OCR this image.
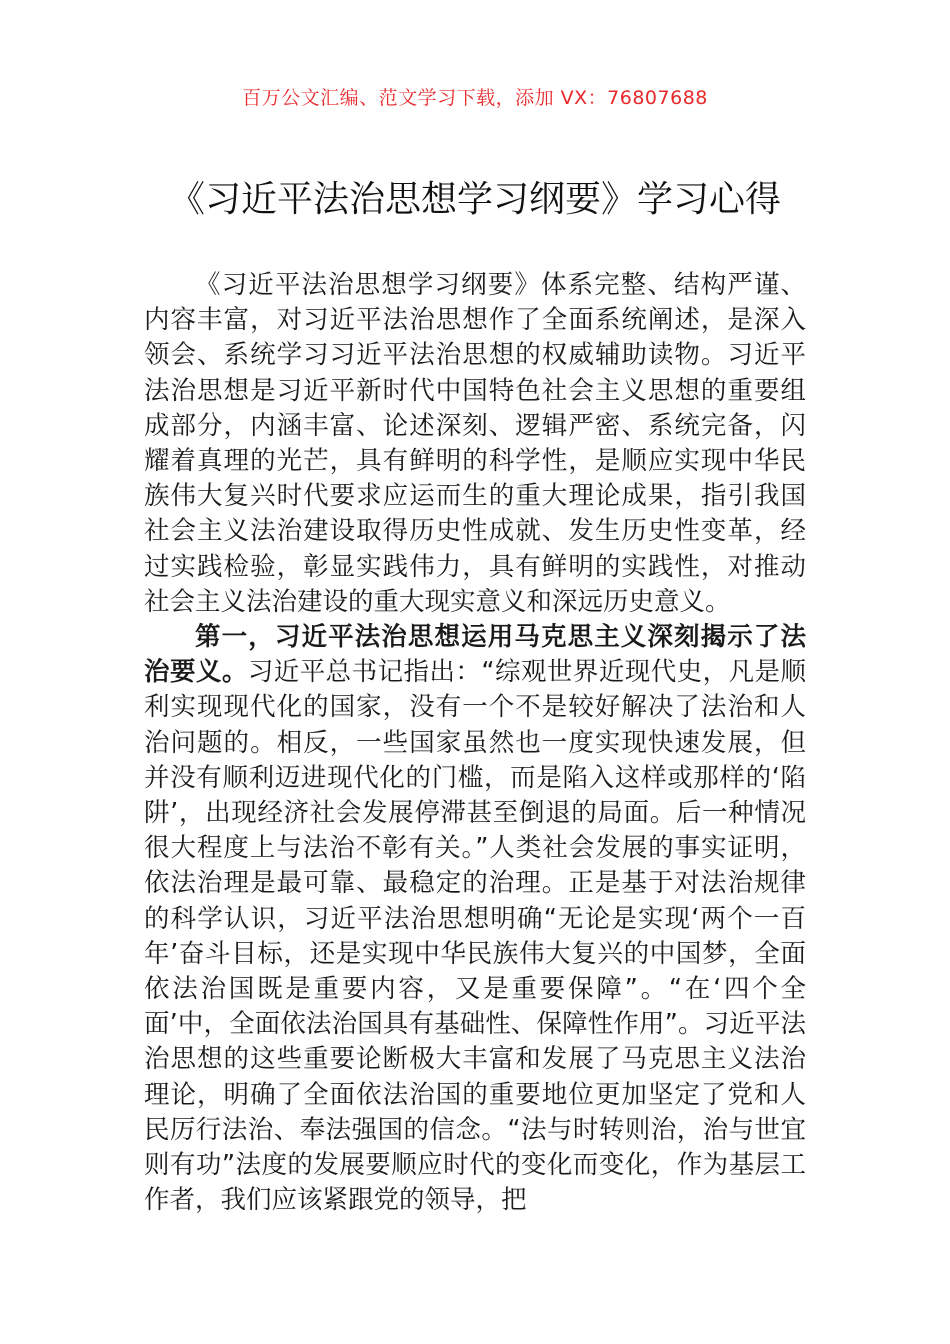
百万公文汇编、范文学习下载，添加 VX：76807688
《习近平法治思想学习纲要》学习心得

《习近平法治思想学习纲要》体系完整、结构严谨、内容丰富，对习近平法治思想作了全面系统阐述，是深入领会、系统学习习近平法治思想的权威辅助读物。习近平法治思想是习近平新时代中国特色社会主义思想的重要组成部分，内涵丰富、论述深刻、逻辑严密、系统完备，闪耀着真理的光芒，具有鲜明的科学性，是顺应实现中华民族伟大复兴时代要求应运而生的重大理论成果，指引我国社会主义法治建设取得历史性成就、发生历史性变革，经过实践检验，彰显实践伟力，具有鲜明的实践性，对推动社会主义法治建设的重大现实意义和深远历史意义。

第一，习近平法治思想运用马克思主义深刻揭示了法治要义。习近平总书记指出：“综观世界近现代史，凡是顺利实现现代化的国家，没有一个不是较好解决了法治和人治问题的。相反，一些国家虽然也一度实现快速发展，但并没有顺利迈进现代化的门槛，而是陷入这样或那样的‘陷阱’，出现经济社会发展停滞甚至倒退的局面。后一种情况很大程度上与法治不彰有关。”人类社会发展的事实证明，依法治理是最可靠、最稳定的治理。正是基于对法治规律的科学认识，习近平法治思想明确“无论是实现‘两个一百年’奋斗目标，还是实现中华民族伟大复兴的中国梦，全面依法治国既是重要内容，又是重要保障”。“在‘四个全面’中，全面依法治国具有基础性、保障性作用”。习近平法治思想的这些重要论断极大丰富和发展了马克思主义法治理论，明确了全面依法治国的重要地位更加坚定了党和人民厉行法治、奉法强国的信念。“法与时转则治，治与世宜则有功”法度的发展要顺应时代的变化而变化，作为基层工作者，我们应该紧跟党的领导，把
